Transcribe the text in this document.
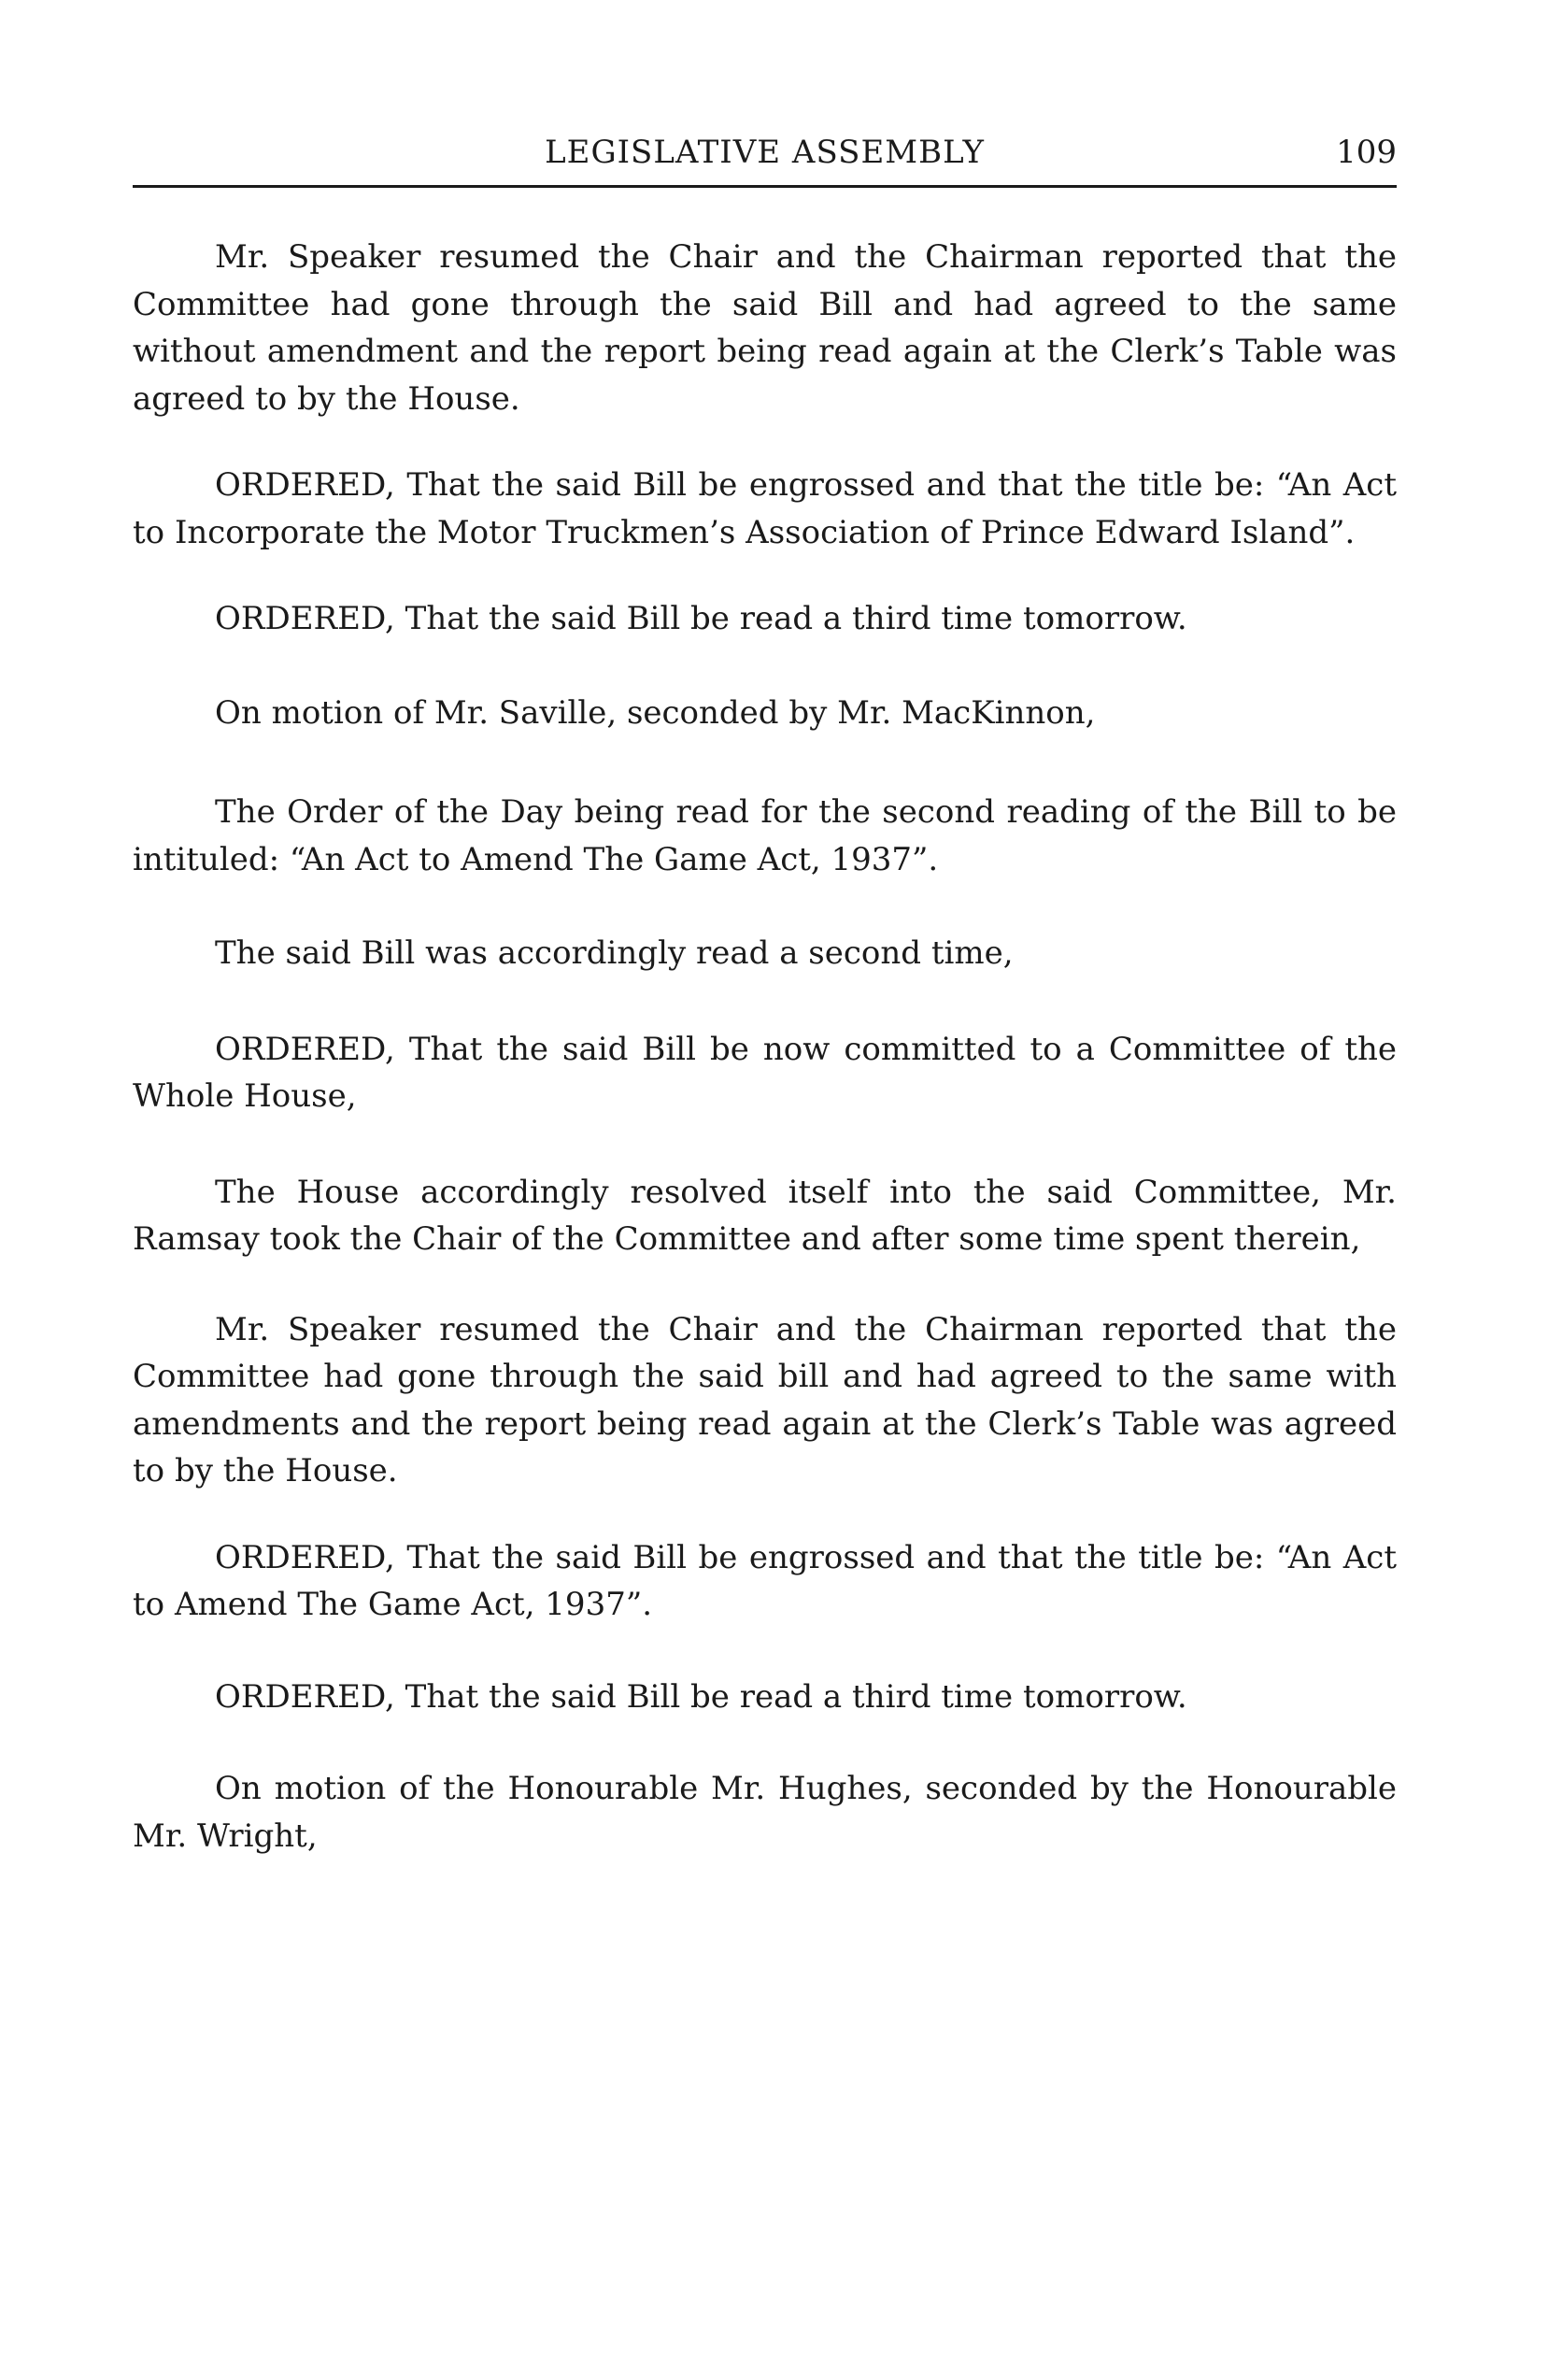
LEGISLATIVE ASSEMBLY	109

Mr. Speaker resumed the Chair and the Chairman reported that the Committee had gone through the said Bill and had agreed to the same without amendment and the report being read again at the Clerk’s Table was agreed to by the House.

ORDERED, That the said Bill be engrossed and that the title be: “An Act to Incorporate the Motor Truckmen’s Association of Prince Edward Island”.

ORDERED, That the said Bill be read a third time tomorrow.

On motion of Mr. Saville, seconded by Mr. MacKinnon,

The Order of the Day being read for the second reading of the Bill to be intituled: “An Act to Amend The Game Act, 1937”.

The said Bill was accordingly read a second time,

ORDERED, That the said Bill be now committed to a Committee of the Whole House,

The House accordingly resolved itself into the said Committee, Mr. Ramsay took the Chair of the Committee and after some time spent therein,

Mr. Speaker resumed the Chair and the Chairman reported that the Committee had gone through the said bill and had agreed to the same with amendments and the report being read again at the Clerk’s Table was agreed to by the House.

ORDERED, That the said Bill be engrossed and that the title be: “An Act to Amend The Game Act, 1937”.

ORDERED, That the said Bill be read a third time tomorrow.

On motion of the Honourable Mr. Hughes, seconded by the Honourable Mr. Wright,
